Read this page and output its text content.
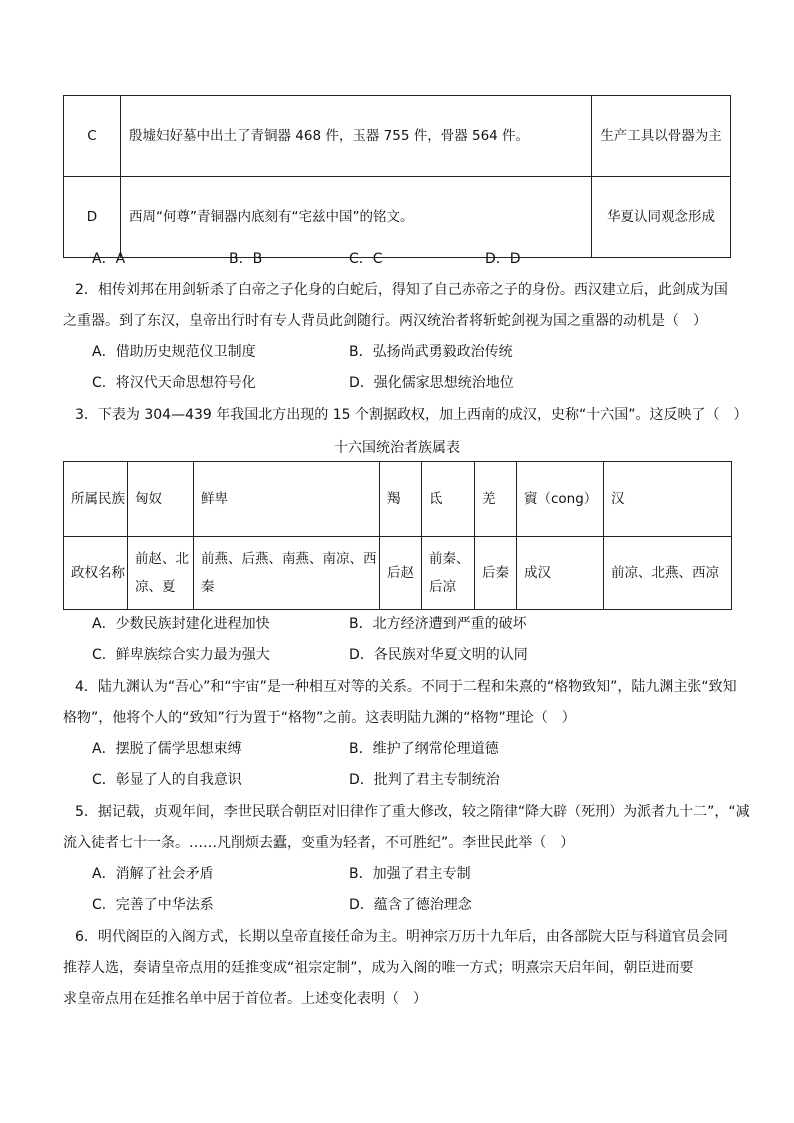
C	殷墟妇好墓中出土了青铜器 468 件，玉器 755 件，骨器 564 件。	生产工具以骨器为主
D	西周“何尊”青铜器内底刻有“宅兹中国”的铭文。	华夏认同观念形成
A．A	B．B	C．C	D．D
2．相传刘邦在用剑斩杀了白帝之子化身的白蛇后，得知了自己赤帝之子的身份。西汉建立后，此剑成为国
之重器。到了东汉，皇帝出行时有专人背员此剑随行。两汉统治者将斩蛇剑视为国之重器的动机是（　）
A．借助历史规范仪卫制度	B．弘扬尚武勇毅政治传统
C．将汉代天命思想符号化	D．强化儒家思想统治地位
3．下表为 304—439 年我国北方出现的 15 个割据政权，加上西南的成汉，史称“十六国”。这反映了（　）
十六国统治者族属表
所属民族	匈奴	鲜卑	羯	氐	羌	賨（cong）	汉
政权名称	前赵、北凉、夏	前燕、后燕、南燕、南凉、西秦	后赵	前秦、后凉	后秦	成汉	前凉、北燕、西凉
A．少数民族封建化进程加快	B．北方经济遭到严重的破坏
C．鲜卑族综合实力最为强大	D．各民族对华夏文明的认同
4．陆九渊认为“吾心”和“宇宙”是一种相互对等的关系。不同于二程和朱熹的“格物致知”，陆九渊主张“致知
格物”，他将个人的“致知”行为置于“格物”之前。这表明陆九渊的“格物”理论（　）
A．摆脱了儒学思想束缚	B．维护了纲常伦理道德
C．彰显了人的自我意识	D．批判了君主专制统治
5．据记载，贞观年间，李世民联合朝臣对旧律作了重大修改，较之隋律“降大辟（死刑）为派者九十二”，“减
流入徒者七十一条。……凡削烦去蠹，变重为轻者，不可胜纪”。李世民此举（　）
A．消解了社会矛盾	B．加强了君主专制
C．完善了中华法系	D．蕴含了德治理念
6．明代阁臣的入阁方式，长期以皇帝直接任命为主。明神宗万历十九年后，由各部院大臣与科道官员会同
推荐人选，奏请皇帝点用的廷推变成“祖宗定制”，成为入阁的唯一方式；明熹宗天启年间，朝臣进而要
求皇帝点用在廷推名单中居于首位者。上述变化表明（　）
